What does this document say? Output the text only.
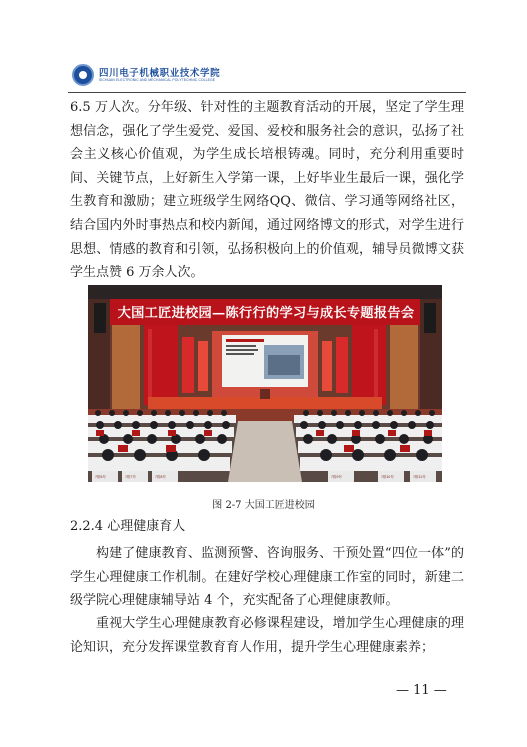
四川电子机械职业技术学院
SICHUAN ELECTRONIC AND MECHANICAL POLYTECHNIC COLLEGE

6.5 万人次。分年级、针对性的主题教育活动的开展，坚定了学生理想信念，强化了学生爱党、爱国、爱校和服务社会的意识，弘扬了社会主义核心价值观，为学生成长培根铸魂。同时，充分利用重要时间、关键节点，上好新生入学第一课，上好毕业生最后一课，强化学生教育和激励；建立班级学生网络QQ、微信、学习通等网络社区，结合国内外时事热点和校内新闻，通过网络博文的形式，对学生进行思想、情感的教育和引领，弘扬积极向上的价值观，辅导员微博文获学生点赞 6 万余人次。

大国工匠进校园—陈行行的学习与成长专题报告会
7排6号	7排7号	7排8号	7排9号	7排10号	7排11号
图 2-7 大国工匠进校园
2.2.4 心理健康育人

构建了健康教育、监测预警、咨询服务、干预处置“四位一体”的学生心理健康工作机制。在建好学校心理健康工作室的同时，新建二级学院心理健康辅导站 4 个，充实配备了心理健康教师。

重视大学生心理健康教育必修课程建设，增加学生心理健康的理论知识，充分发挥课堂教育育人作用，提升学生心理健康素养；

— 11 —
